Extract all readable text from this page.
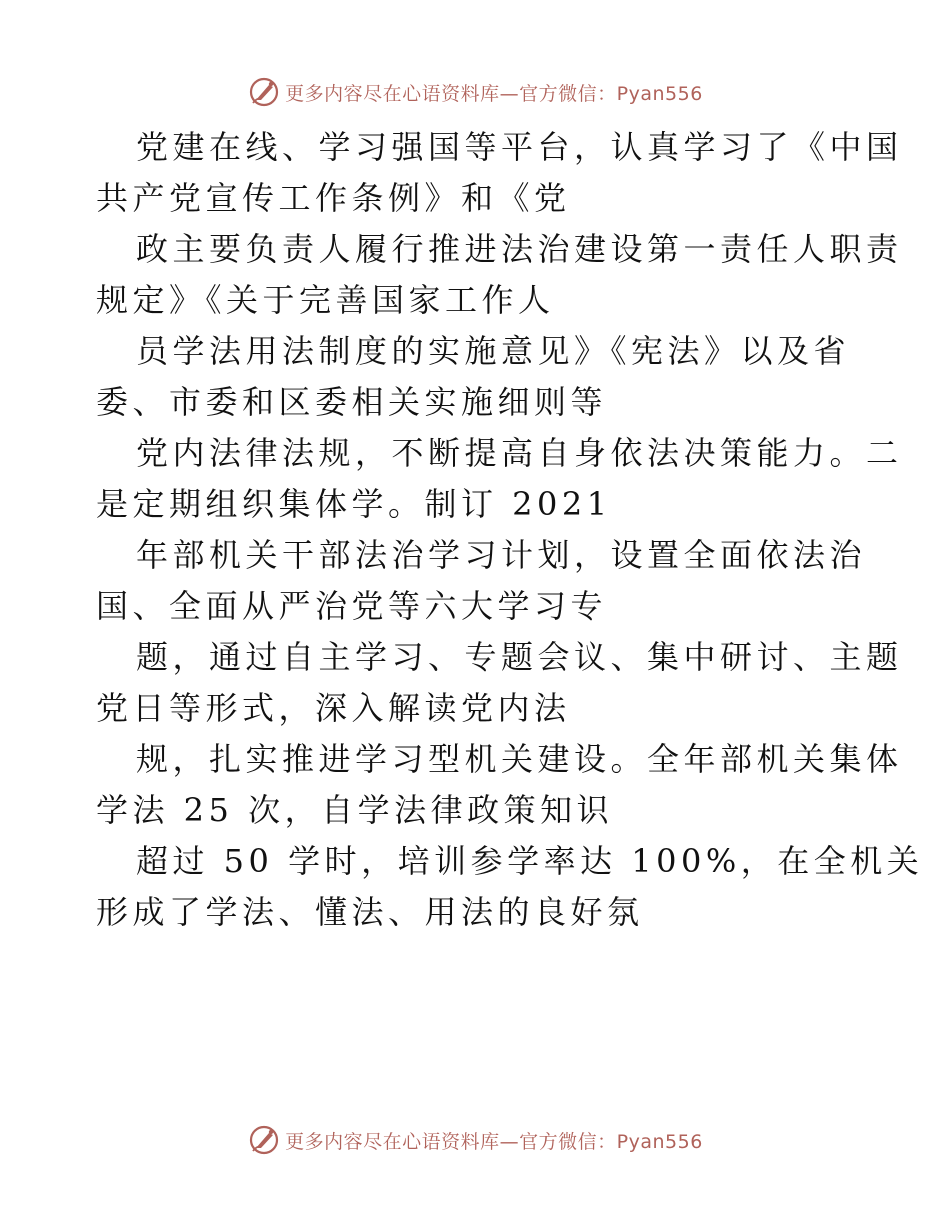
更多内容尽在心语资料库—官方微信：Pyan556

党建在线、学习强国等平台，认真学习了《中国
共产党宣传工作条例》和《党

政主要负责人履行推进法治建设第一责任人职责
规定》《关于完善国家工作人

员学法用法制度的实施意见》《宪法》以及省
委、市委和区委相关实施细则等

党内法律法规，不断提高自身依法决策能力。二
是定期组织集体学。制订 2021

年部机关干部法治学习计划，设置全面依法治
国、全面从严治党等六大学习专

题，通过自主学习、专题会议、集中研讨、主题
党日等形式，深入解读党内法

规，扎实推进学习型机关建设。全年部机关集体
学法 25 次，自学法律政策知识

超过 50 学时，培训参学率达 100%，在全机关
形成了学法、懂法、用法的良好氛

更多内容尽在心语资料库—官方微信：Pyan556
